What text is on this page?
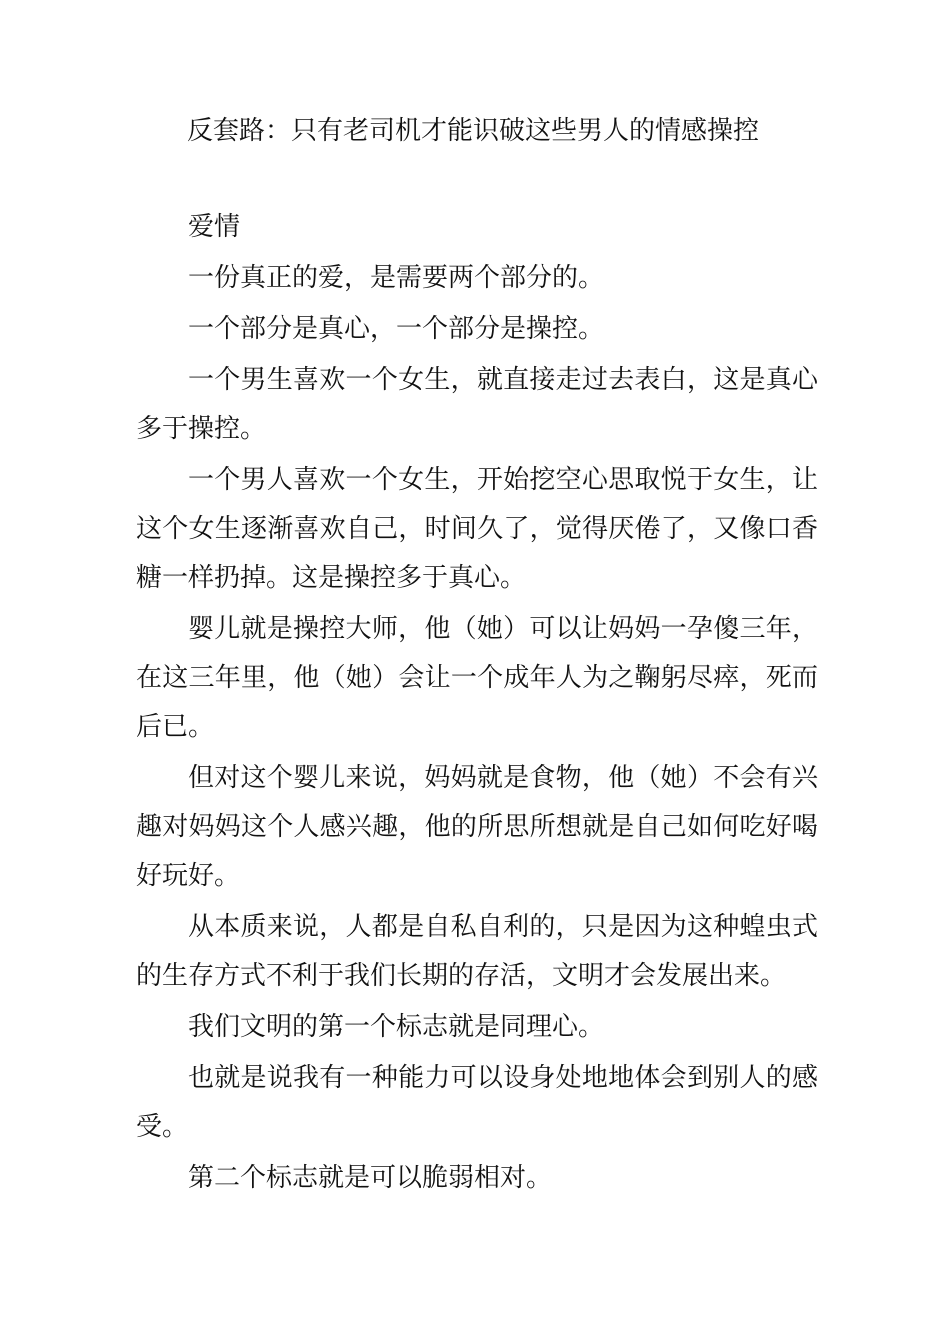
反套路：只有老司机才能识破这些男人的情感操控

爱情

一份真正的爱，是需要两个部分的。

一个部分是真心，一个部分是操控。

一个男生喜欢一个女生，就直接走过去表白，这是真心多于操控。

一个男人喜欢一个女生，开始挖空心思取悦于女生，让这个女生逐渐喜欢自己，时间久了，觉得厌倦了，又像口香糖一样扔掉。这是操控多于真心。

婴儿就是操控大师，他（她）可以让妈妈一孕傻三年，在这三年里，他（她）会让一个成年人为之鞠躬尽瘁，死而后已。

但对这个婴儿来说，妈妈就是食物，他（她）不会有兴趣对妈妈这个人感兴趣，他的所思所想就是自己如何吃好喝好玩好。

从本质来说，人都是自私自利的，只是因为这种蝗虫式的生存方式不利于我们长期的存活，文明才会发展出来。

我们文明的第一个标志就是同理心。

也就是说我有一种能力可以设身处地地体会到别人的感受。

第二个标志就是可以脆弱相对。
